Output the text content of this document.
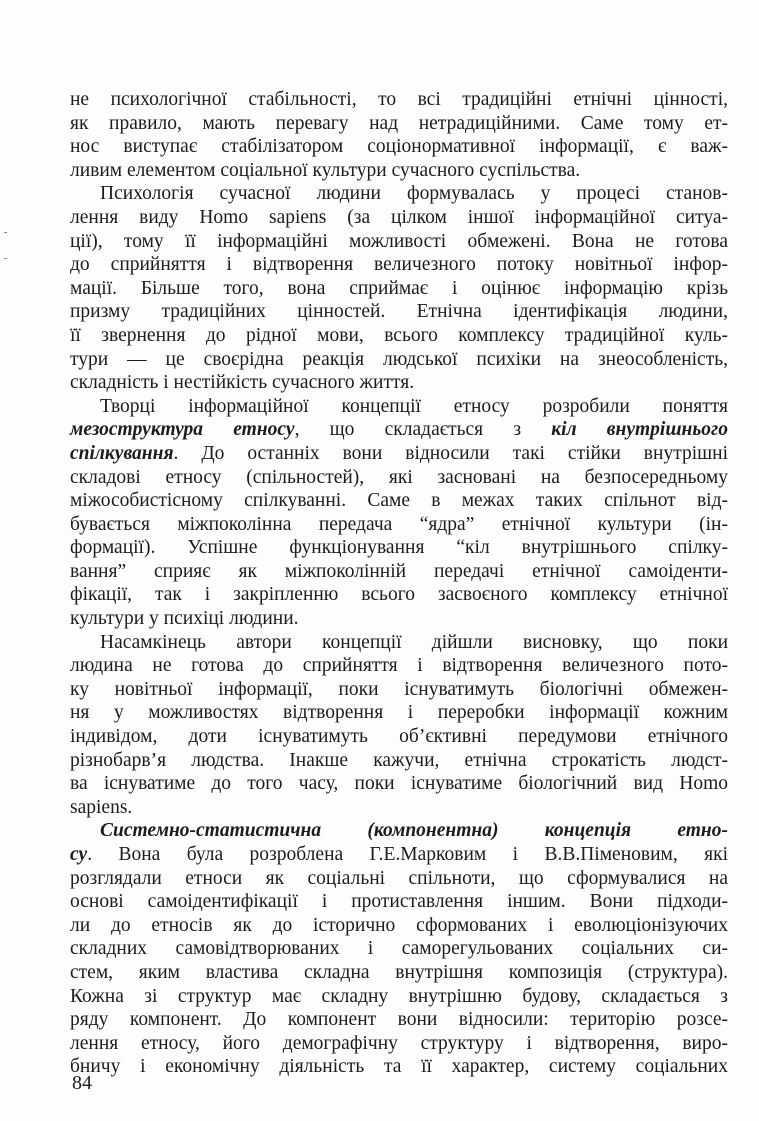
не психологічної стабільності, то всі традиційні етнічні цінності,
як правило, мають перевагу над нетрадиційними. Саме тому ет-
нос виступає стабілізатором соціонормативної інформації, є важ-
ливим елементом соціальної культури сучасного суспільства.
Психологія сучасної людини формувалась у процесі станов-
лення виду Homo sapiens (за цілком іншої інформаційної ситуа-
ції), тому її інформаційні можливості обмежені. Вона не готова
до сприйняття і відтворення величезного потоку новітньої інфор-
мації. Більше того, вона сприймає і оцінює інформацію крізь
призму традиційних цінностей. Етнічна ідентифікація людини,
її звернення до рідної мови, всього комплексу традиційної куль-
тури — це своєрідна реакція людської психіки на знеособленість,
складність і нестійкість сучасного життя.
Творці інформаційної концепції етносу розробили поняття
мезоструктура етносу, що складається з кіл внутрішнього
спілкування. До останніх вони відносили такі стійки внутрішні
складові етносу (спільностей), які засновані на безпосередньому
міжособистісному спілкуванні. Саме в межах таких спільнот від-
бувається міжпоколінна передача “ядра” етнічної культури (ін-
формації). Успішне функціонування “кіл внутрішнього спілку-
вання” сприяє як міжпоколінній передачі етнічної самоіденти-
фікації, так і закріпленню всього засвоєного комплексу етнічної
культури у психіці людини.
Насамкінець автори концепції дійшли висновку, що поки
людина не готова до сприйняття і відтворення величезного пото-
ку новітньої інформації, поки існуватимуть біологічні обмежен-
ня у можливостях відтворення і переробки інформації кожним
індивідом, доти існуватимуть об’єктивні передумови етнічного
різнобарв’я людства. Інакше кажучи, етнічна строкатість людст-
ва існуватиме до того часу, поки існуватиме біологічний вид Homo
sapiens.
Системно-статистична (компонентна) концепція етно-
су. Вона була розроблена Г.Е.Марковим і В.В.Піменовим, які
розглядали етноси як соціальні спільноти, що сформувалися на
основі самоідентифікації і протиставлення іншим. Вони підходи-
ли до етносів як до історично сформованих і еволюціонізуючих
складних самовідтворюваних і саморегульованих соціальних си-
стем, яким властива складна внутрішня композиція (структура).
Кожна зі структур має складну внутрішню будову, складається з
ряду компонент. До компонент вони відносили: територію розсе-
лення етносу, його демографічну структуру і відтворення, виро-
бничу і економічну діяльність та її характер, систему соціальних
84
